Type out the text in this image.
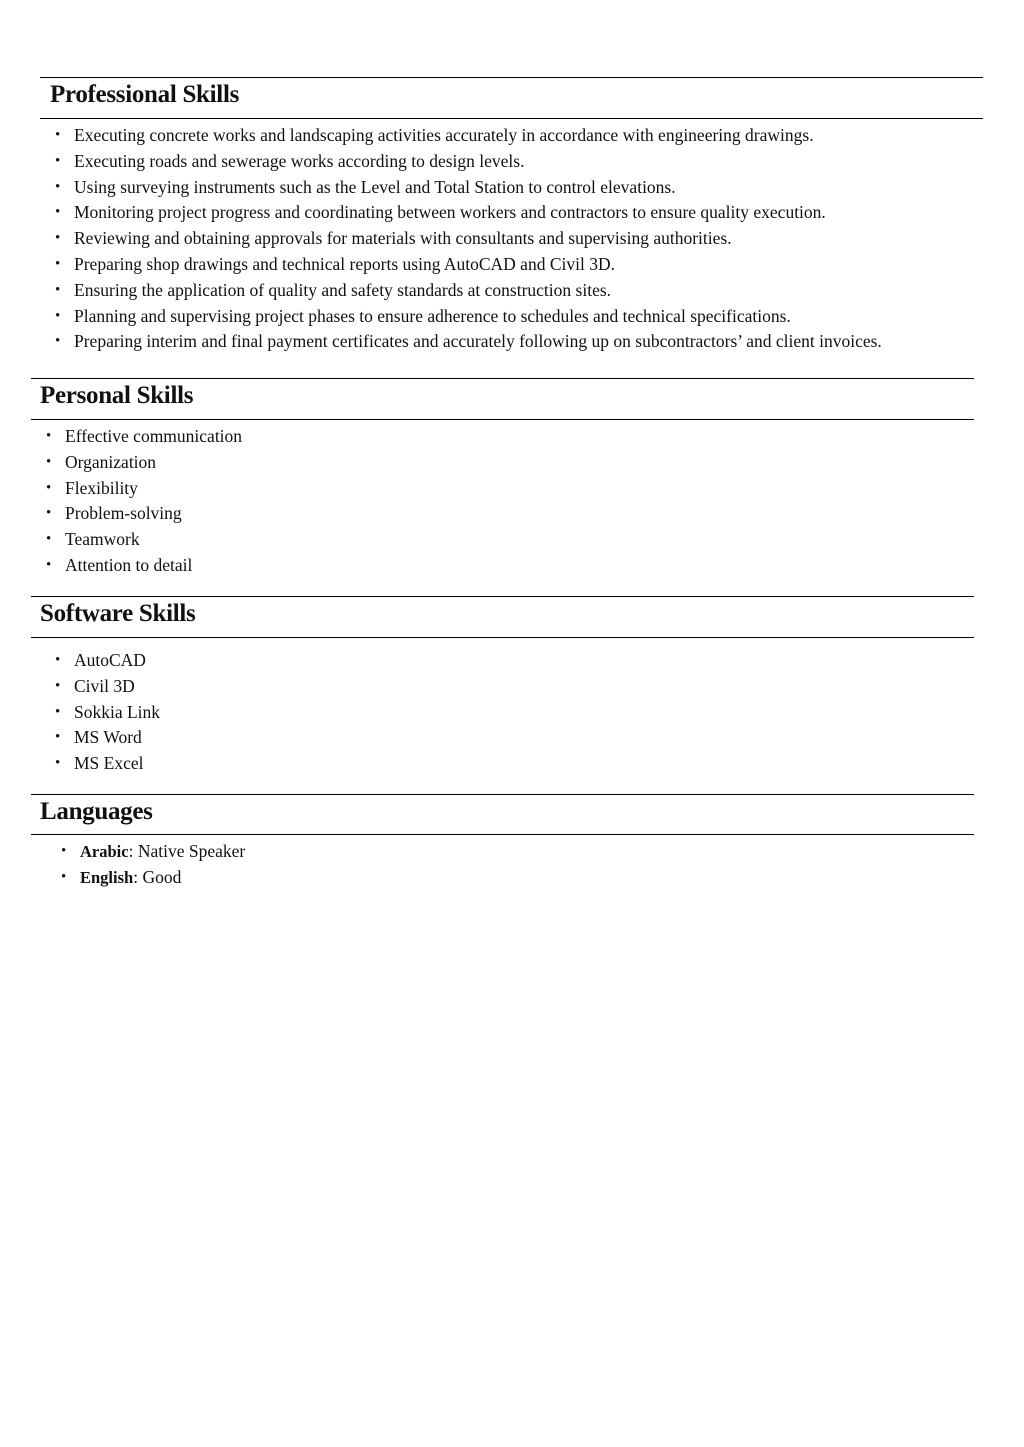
Professional Skills
• Executing concrete works and landscaping activities accurately in accordance with engineering drawings.
• Executing roads and sewerage works according to design levels.
• Using surveying instruments such as the Level and Total Station to control elevations.
• Monitoring project progress and coordinating between workers and contractors to ensure quality execution.
• Reviewing and obtaining approvals for materials with consultants and supervising authorities.
• Preparing shop drawings and technical reports using AutoCAD and Civil 3D.
• Ensuring the application of quality and safety standards at construction sites.
• Planning and supervising project phases to ensure adherence to schedules and technical specifications.
• Preparing interim and final payment certificates and accurately following up on subcontractors’ and client invoices.
Personal Skills
• Effective communication
• Organization
• Flexibility
• Problem-solving
• Teamwork
• Attention to detail
Software Skills
• AutoCAD
• Civil 3D
• Sokkia Link
• MS Word
• MS Excel
Languages
• Arabic: Native Speaker
• English: Good
